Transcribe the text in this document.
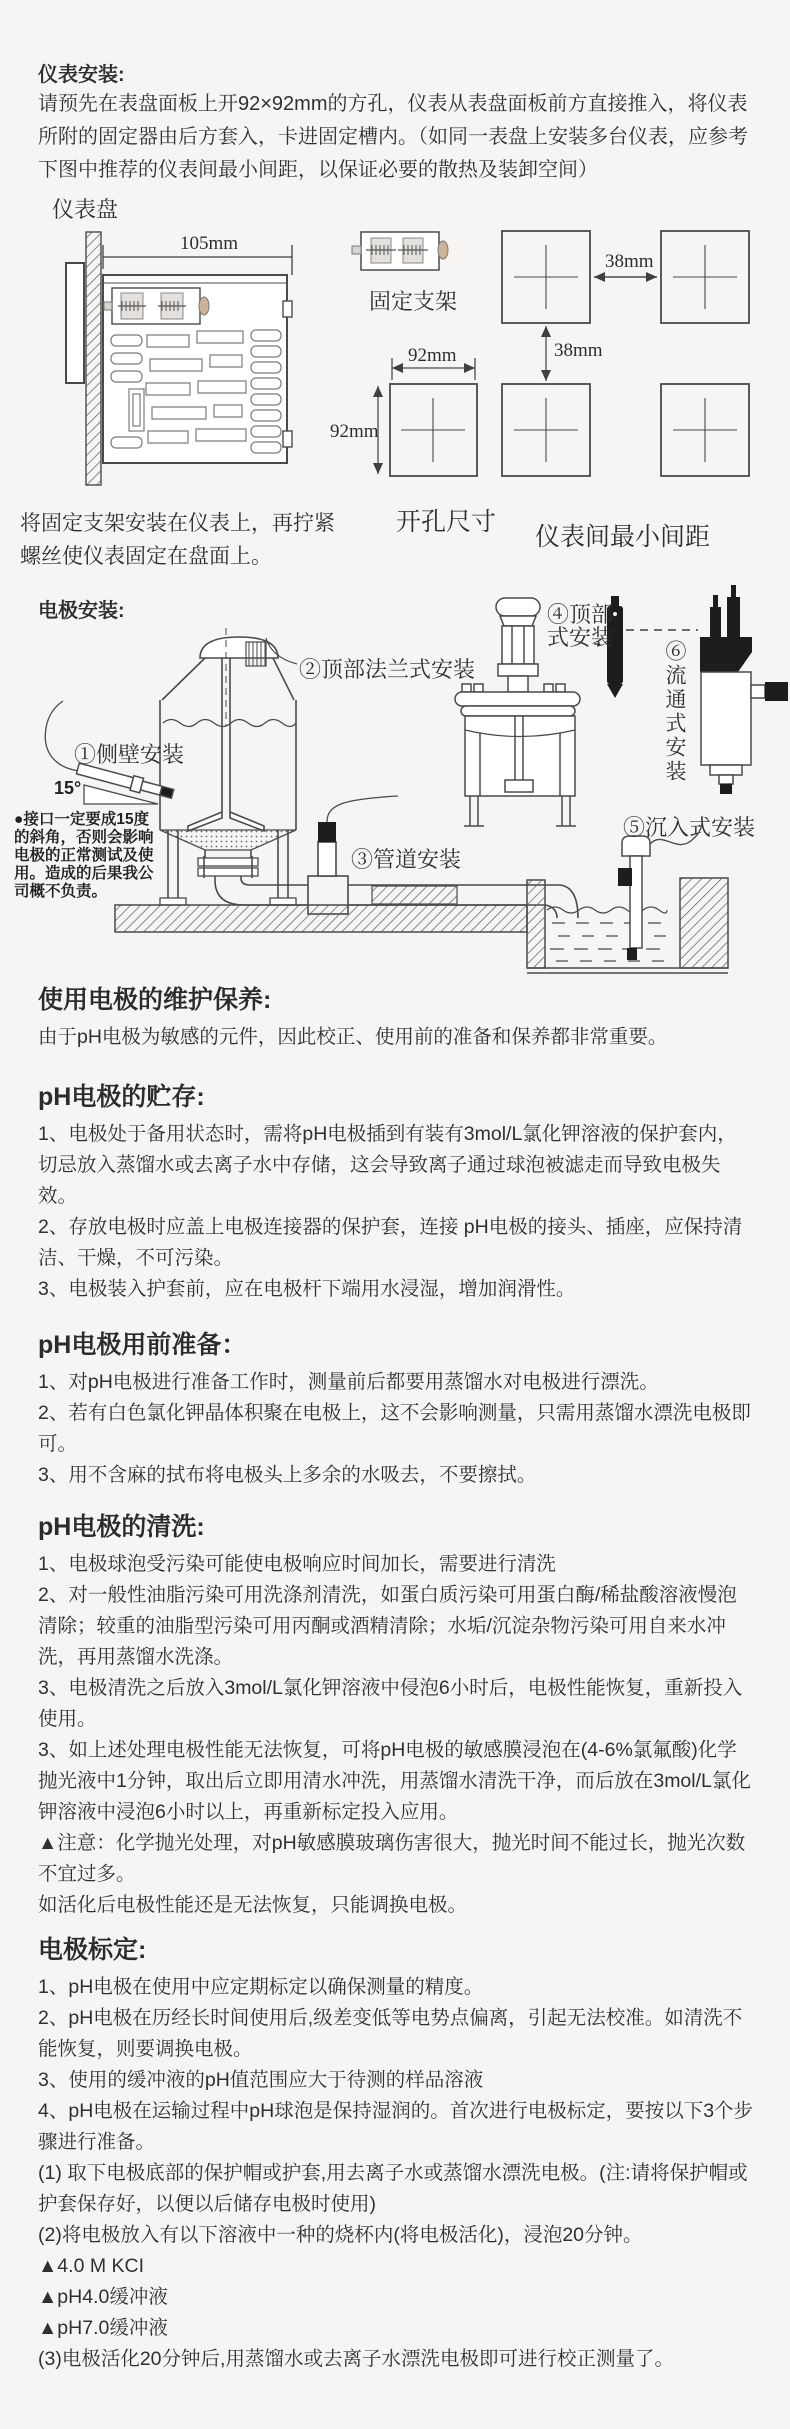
仪表安装:
请预先在表盘面板上开92×92mm的方孔，仪表从表盘面板前方直接推入，将仪表所附的固定器由后方套入，卡进固定槽内。（如同一表盘上安装多台仪表，应参考下图中推荐的仪表间最小间距，以保证必要的散热及装卸空间）
仪表盘
105mm
固定支架
38mm
92mm
92mm
38mm
开孔尺寸
仪表间最小间距
将固定支架安装在仪表上，再拧紧
螺丝使仪表固定在盘面上。
①侧壁安装
15°
②顶部法兰式安装
③管道安装
④顶部
式安装
⑤沉入式安装
⑥流通式安装
●接口一定要成15度
的斜角，否则会影响
电极的正常测试及使
用。造成的后果我公
司概不负责。
电极安装:
使用电极的维护保养:

由于pH电极为敏感的元件，因此校正、使用前的准备和保养都非常重要。

pH电极的贮存:

1、电极处于备用状态时，需将pH电极插到有装有3mol/L氯化钾溶液的保护套内，切忌放入蒸馏水或去离子水中存储，这会导致离子通过球泡被滤走而导致电极失效。

2、存放电极时应盖上电极连接器的保护套，连接 pH电极的接头、插座，应保持清洁、干燥，不可污染。

3、电极装入护套前，应在电极杆下端用水浸湿，增加润滑性。

pH电极用前准备：

1、对pH电极进行准备工作时，测量前后都要用蒸馏水对电极进行漂洗。

2、若有白色氯化钾晶体积聚在电极上，这不会影响测量，只需用蒸馏水漂洗电极即可。

3、用不含麻的拭布将电极头上多余的水吸去，不要擦拭。

pH电极的清洗:

1、电极球泡受污染可能使电极响应时间加长，需要进行清洗

2、对一般性油脂污染可用洗涤剂清洗，如蛋白质污染可用蛋白酶/稀盐酸溶液慢泡清除；较重的油脂型污染可用丙酮或酒精清除；水垢/沉淀杂物污染可用自来水冲洗，再用蒸馏水洗涤。

3、电极清洗之后放入3mol/L氯化钾溶液中侵泡6小时后，电极性能恢复，重新投入使用。

3、如上述处理电极性能无法恢复，可将pH电极的敏感膜浸泡在(4-6%氯氟酸)化学抛光液中1分钟，取出后立即用清水冲洗，用蒸馏水清洗干净，而后放在3mol/L氯化钾溶液中浸泡6小时以上，再重新标定投入应用。

▲注意：化学抛光处理，对pH敏感膜玻璃伤害很大，抛光时间不能过长，抛光次数不宜过多。

如活化后电极性能还是无法恢复，只能调换电极。

电极标定:

1、pH电极在使用中应定期标定以确保测量的精度。

2、pH电极在历经长时间使用后,级差变低等电势点偏离，引起无法校准。如清洗不能恢复，则要调换电极。

3、使用的缓冲液的pH值范围应大于待测的样品溶液

4、pH电极在运输过程中pH球泡是保持湿润的。首次进行电极标定，要按以下3个步骤进行准备。

(1) 取下电极底部的保护帽或护套,用去离子水或蒸馏水漂洗电极。(注:请将保护帽或护套保存好，以便以后储存电极时使用)

(2)将电极放入有以下溶液中一种的烧杯内(将电极活化)，浸泡20分钟。

▲4.0 M KCI

▲pH4.0缓冲液

▲pH7.0缓冲液

(3)电极活化20分钟后,用蒸馏水或去离子水漂洗电极即可进行校正测量了。
